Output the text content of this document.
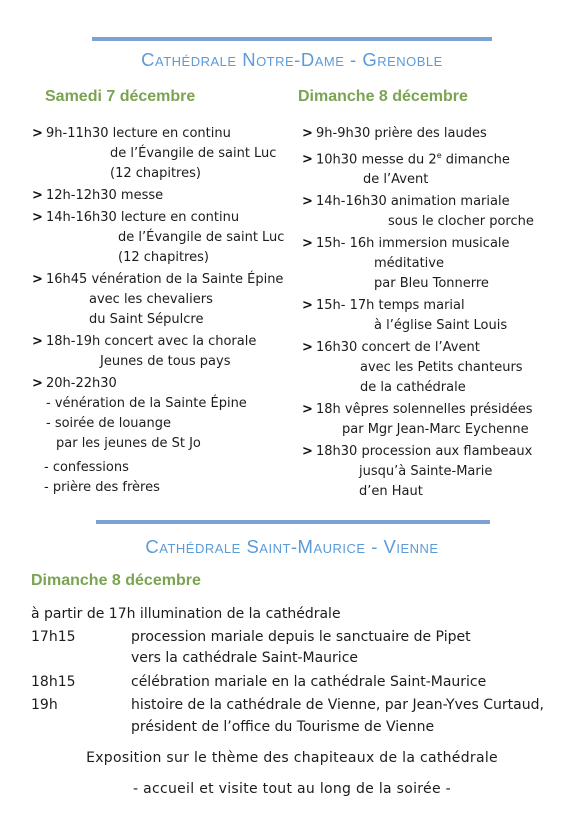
Cathédrale Notre-Dame - Grenoble
Samedi 7 décembre	Dimanche 8 décembre
> 9h-11h30 lecture en continu
de l’Évangile de saint Luc
(12 chapitres)
> 12h-12h30 messe
> 14h-16h30 lecture en continu
de l’Évangile de saint Luc
(12 chapitres)
> 16h45 vénération de la Sainte Épine
avec les chevaliers
du Saint Sépulcre
> 18h-19h concert avec la chorale
Jeunes de tous pays
> 20h-22h30
- vénération de la Sainte Épine
- soirée de louange
par les jeunes de St Jo
- confessions
- prière des frères
> 9h-9h30 prière des laudes
> 10h30 messe du 2e dimanche
de l’Avent
> 14h-16h30 animation mariale
sous le clocher porche
> 15h- 16h immersion musicale
méditative
par Bleu Tonnerre
> 15h- 17h temps marial
à l’église Saint Louis
> 16h30 concert de l’Avent
avec les Petits chanteurs
de la cathédrale
> 18h vêpres solennelles présidées
par Mgr Jean-Marc Eychenne
> 18h30 procession aux flambeaux
jusqu’à Sainte-Marie
d’en Haut
Cathédrale Saint-Maurice - Vienne
Dimanche 8 décembre
à partir de 17h illumination de la cathédrale
17h15	procession mariale depuis le sanctuaire de Pipet
vers la cathédrale Saint-Maurice
18h15	célébration mariale en la cathédrale Saint-Maurice
19h	histoire de la cathédrale de Vienne, par Jean-Yves Curtaud,
président de l’office du Tourisme de Vienne
Exposition sur le thème des chapiteaux de la cathédrale
- accueil et visite tout au long de la soirée -
